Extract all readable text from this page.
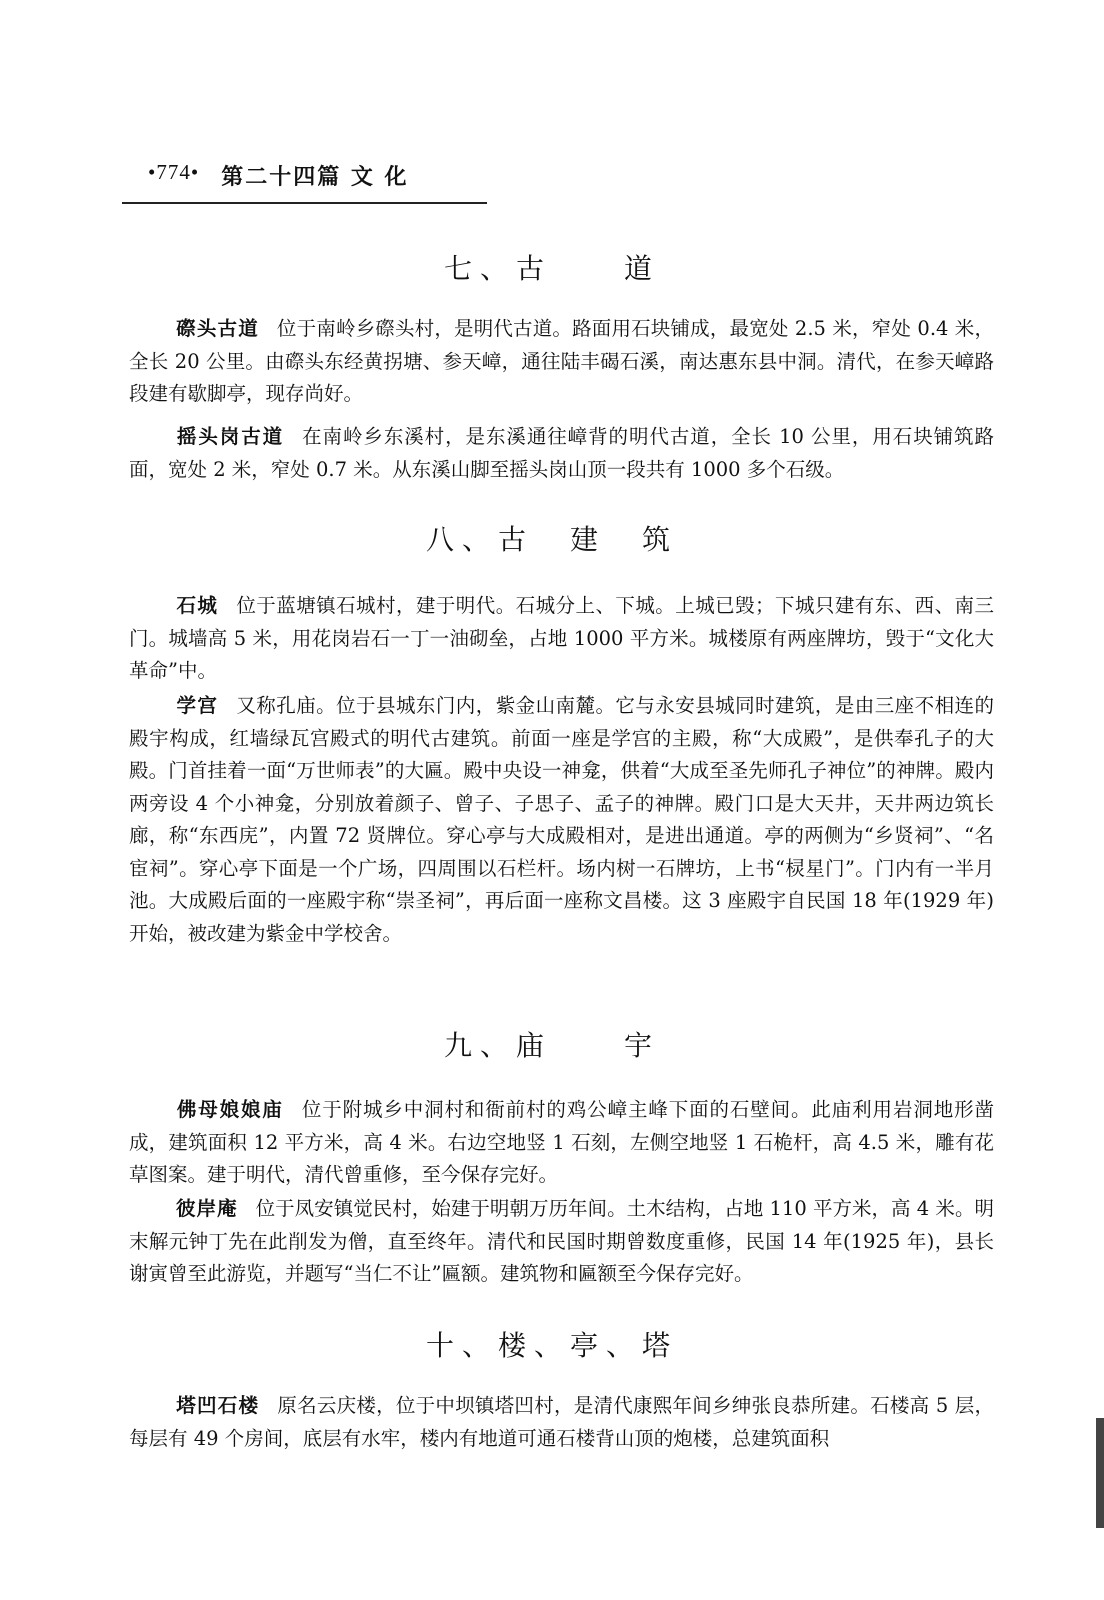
•774• 第二十四篇 文 化
七、古　　道
磜头古道 位于南岭乡磜头村，是明代古道。路面用石块铺成，最宽处 2.5 米，窄处 0.4 米，全长 20 公里。由磜头东经黄拐塘、参天嶂，通往陆丰碣石溪，南达惠东县中洞。清代，在参天嶂路段建有歇脚亭，现存尚好。
摇头岗古道 在南岭乡东溪村，是东溪通往嶂背的明代古道，全长 10 公里，用石块铺筑路面，宽处 2 米，窄处 0.7 米。从东溪山脚至摇头岗山顶一段共有 1000 多个石级。
八、古　建　筑
石城 位于蓝塘镇石城村，建于明代。石城分上、下城。上城已毁；下城只建有东、西、南三门。城墙高 5 米，用花岗岩石一丁一油砌垒，占地 1000 平方米。城楼原有两座牌坊，毁于“文化大革命”中。
学宫 又称孔庙。位于县城东门内，紫金山南麓。它与永安县城同时建筑，是由三座不相连的殿宇构成，红墙绿瓦宫殿式的明代古建筑。前面一座是学宫的主殿，称“大成殿”，是供奉孔子的大殿。门首挂着一面“万世师表”的大匾。殿中央设一神龛，供着“大成至圣先师孔子神位”的神牌。殿内两旁设 4 个小神龛，分别放着颜子、曾子、子思子、孟子的神牌。殿门口是大天井，天井两边筑长廊，称“东西庑”，内置 72 贤牌位。穿心亭与大成殿相对，是进出通道。亭的两侧为“乡贤祠”、“名宦祠”。穿心亭下面是一个广场，四周围以石栏杆。场内树一石牌坊，上书“棂星门”。门内有一半月池。大成殿后面的一座殿宇称“崇圣祠”，再后面一座称文昌楼。这 3 座殿宇自民国 18 年(1929 年)开始，被改建为紫金中学校舍。
九、庙　　宇
佛母娘娘庙 位于附城乡中洞村和衙前村的鸡公嶂主峰下面的石壁间。此庙利用岩洞地形凿成，建筑面积 12 平方米，高 4 米。右边空地竖 1 石刻，左侧空地竖 1 石桅杆，高 4.5 米，雕有花草图案。建于明代，清代曾重修，至今保存完好。
彼岸庵 位于凤安镇觉民村，始建于明朝万历年间。土木结构，占地 110 平方米，高 4 米。明末解元钟丁先在此削发为僧，直至终年。清代和民国时期曾数度重修，民国 14 年(1925 年)，县长谢寅曾至此游览，并题写“当仁不让”匾额。建筑物和匾额至今保存完好。
十、楼、亭、塔
塔凹石楼 原名云庆楼，位于中坝镇塔凹村，是清代康熙年间乡绅张良恭所建。石楼高 5 层，每层有 49 个房间，底层有水牢，楼内有地道可通石楼背山顶的炮楼，总建筑面积
